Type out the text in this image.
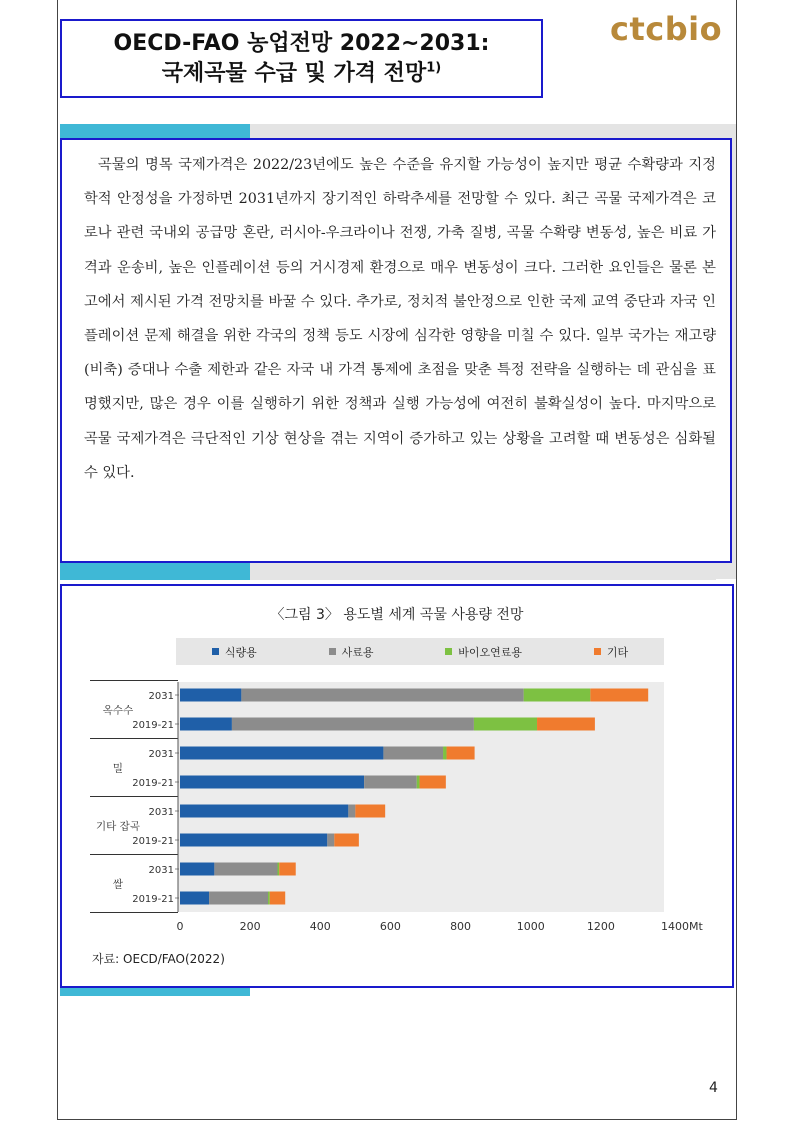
OECD-FAO 농업전망 2022~2031:
국제곡물 수급 및 가격 전망$^{1)}$
ctcbio

곡물의 명목 국제가격은 2022/23년에도 높은 수준을 유지할 가능성이 높지만 평균 수확량과 지정학적 안정성을 가정하면 2031년까지 장기적인 하락추세를 전망할 수 있다. 최근 곡물 국제가격은 코로나 관련 국내외 공급망 혼란, 러시아-우크라이나 전쟁, 가축 질병, 곡물 수확량 변동성, 높은 비료 가격과 운송비, 높은 인플레이션 등의 거시경제 환경으로 매우 변동성이 크다. 그러한 요인들은 물론 본 고에서 제시된 가격 전망치를 바꿀 수 있다. 추가로, 정치적 불안정으로 인한 국제 교역 중단과 자국 인플레이션 문제 해결을 위한 각국의 정책 등도 시장에 심각한 영향을 미칠 수 있다. 일부 국가는 재고량(비축) 증대나 수출 제한과 같은 자국 내 가격 통제에 초점을 맞춘 특정 전략을 실행하는 데 관심을 표명했지만, 많은 경우 이를 실행하기 위한 정책과 실행 가능성에 여전히 불확실성이 높다. 마지막으로 곡물 국제가격은 극단적인 기상 현상을 겪는 지역이 증가하고 있는 상황을 고려할 때 변동성은 심화될 수 있다.

〈그림 3〉 용도별 세계 곡물 사용량 전망
식량용	사료용	바이오연료용	기타
2031
2019-21
2031
2019-21
2031
2019-21
2031
2019-21
옥수수
밀
기타 잡곡
쌀
0	200	400	600	800	1000	1200	1400Mt
자료: OECD/FAO(2022)
4
